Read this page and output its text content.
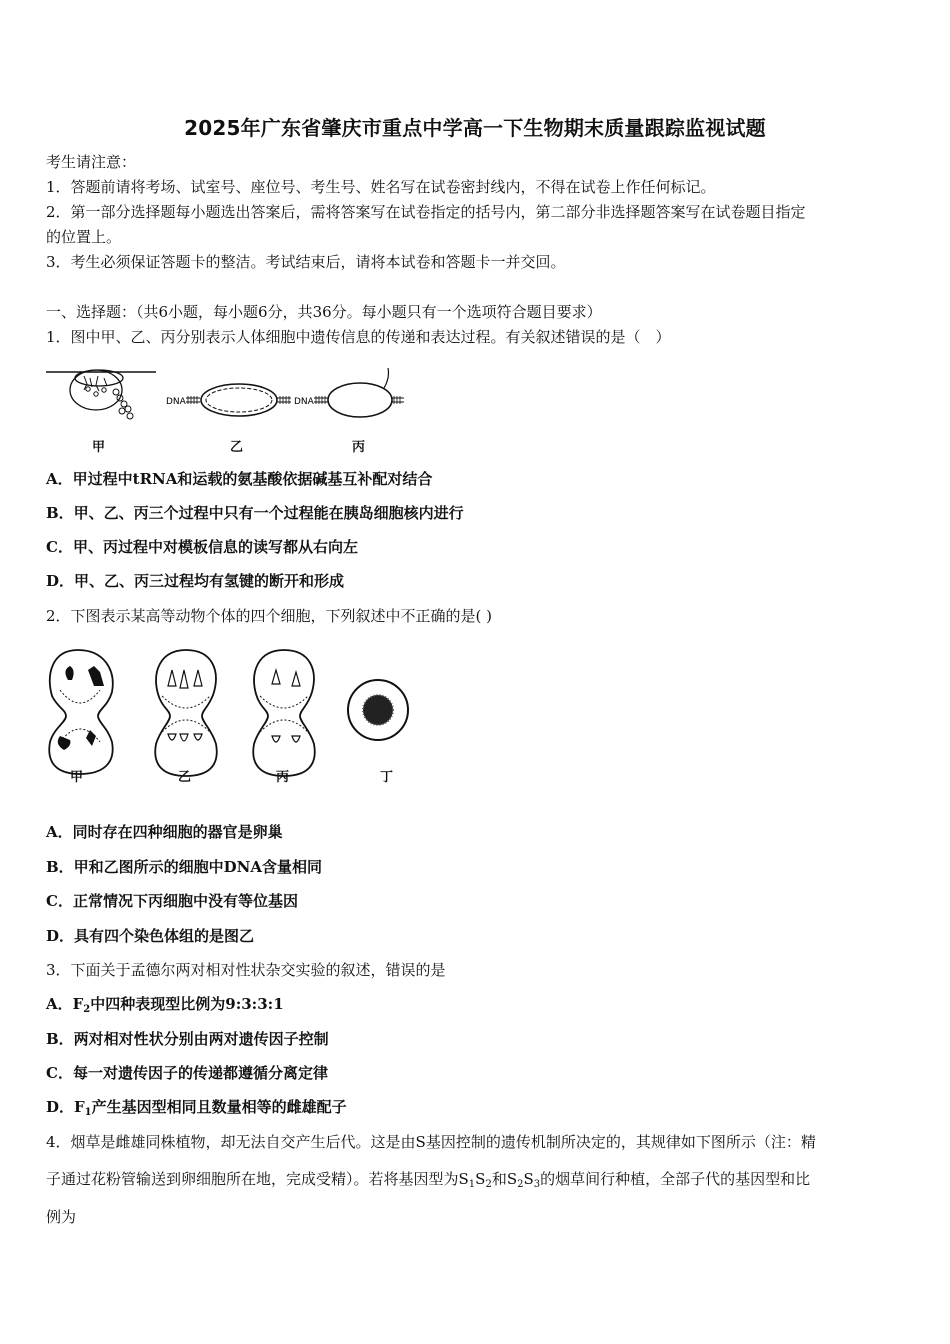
2025年广东省肇庆市重点中学高一下生物期末质量跟踪监视试题
考生请注意：
1．答题前请将考场、试室号、座位号、考生号、姓名写在试卷密封线内，不得在试卷上作任何标记。
2．第一部分选择题每小题选出答案后，需将答案写在试卷指定的括号内，第二部分非选择题答案写在试卷题目指定
的位置上。
3．考生必须保证答题卡的整洁。考试结束后，请将本试卷和答题卡一并交回。
一、选择题：（共6小题，每小题6分，共36分。每小题只有一个选项符合题目要求）
1．图中甲、乙、丙分别表示人体细胞中遗传信息的传递和表达过程。有关叙述错误的是（　）
DNA	DNA
甲	乙	丙
A．甲过程中tRNA和运载的氨基酸依据碱基互补配对结合
B．甲、乙、丙三个过程中只有一个过程能在胰岛细胞核内进行
C．甲、丙过程中对模板信息的读写都从右向左
D．甲、乙、丙三过程均有氢键的断开和形成
2．下图表示某高等动物个体的四个细胞，下列叙述中不正确的是( )
甲	乙	丙	丁
A．同时存在四种细胞的器官是卵巢
B．甲和乙图所示的细胞中DNA含量相同
C．正常情况下丙细胞中没有等位基因
D．具有四个染色体组的是图乙
3．下面关于孟德尔两对相对性状杂交实验的叙述，错误的是
A．$F_2$中四种表现型比例为9:3:3:1
B．两对相对性状分别由两对遗传因子控制
C．每一对遗传因子的传递都遵循分离定律
D．$F_1$产生基因型相同且数量相等的雌雄配子
4．烟草是雌雄同株植物，却无法自交产生后代。这是由S基因控制的遗传机制所决定的，其规律如下图所示（注：精
子通过花粉管输送到卵细胞所在地，完成受精）。若将基因型为$S_1S_2$和$S_2S_3$的烟草间行种植，全部子代的基因型和比
例为
